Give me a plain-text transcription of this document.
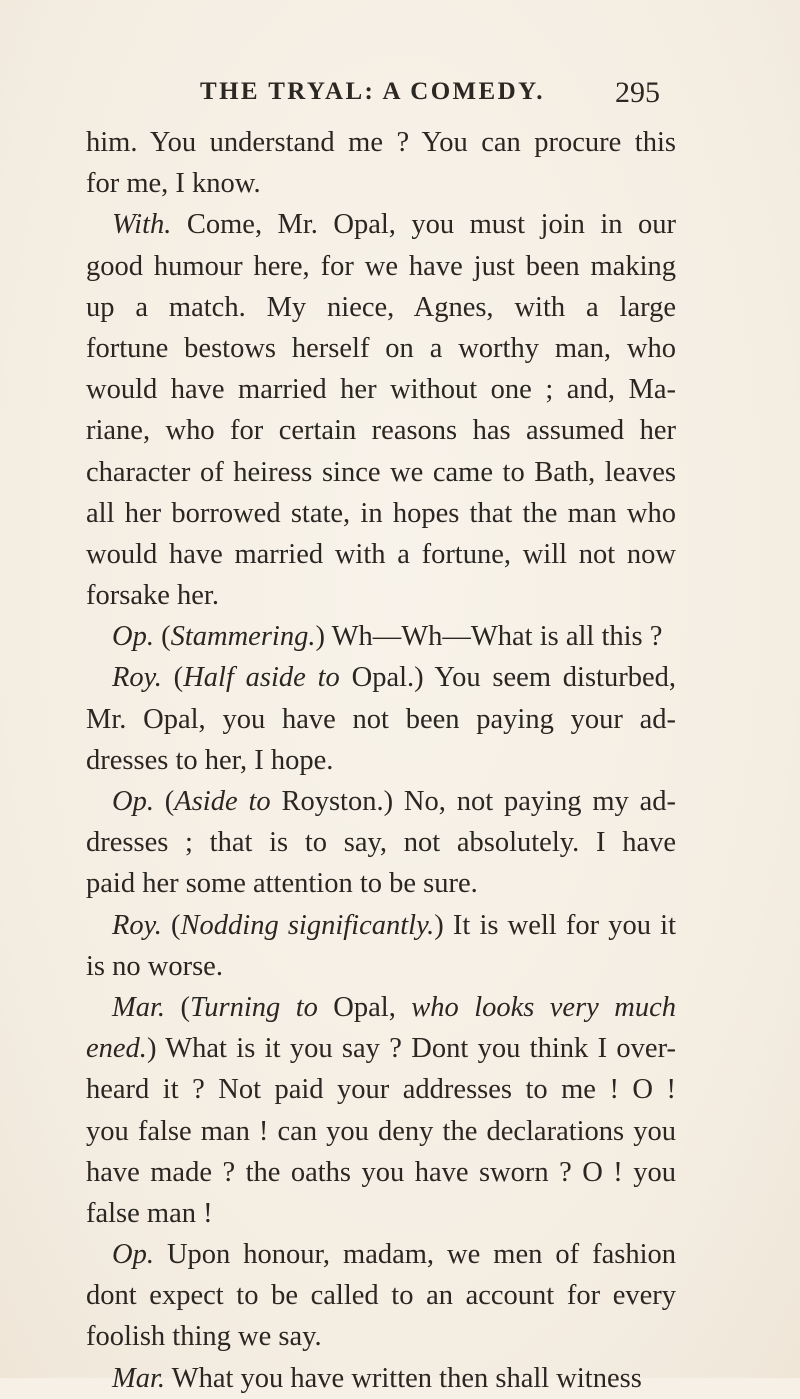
THE TRYAL: A COMEDY. 295
him. You understand me ? You can procure this
for me, I know.
With. Come, Mr. Opal, you must join in our
good humour here, for we have just been making
up a match. My niece, Agnes, with a large
fortune bestows herself on a worthy man, who
would have married her without one ; and, Ma-
riane, who for certain reasons has assumed her
character of heiress since we came to Bath, leaves
all her borrowed state, in hopes that the man who
would have married with a fortune, will not now
forsake her.
Op. (Stammering.) Wh—Wh—What is all this ?
Roy. (Half aside to Opal.) You seem disturbed,
Mr. Opal, you have not been paying your ad-
dresses to her, I hope.
Op. (Aside to Royston.) No, not paying my ad-
dresses ; that is to say, not absolutely. I have
paid her some attention to be sure.
Roy. (Nodding significantly.) It is well for you it
is no worse.
Mar. (Turning to Opal, who looks very much
ened.) What is it you say ? Dont you think I over-
heard it ? Not paid your addresses to me ! O !
you false man ! can you deny the declarations you
have made ? the oaths you have sworn ? O ! you
false man !
Op. Upon honour, madam, we men of fashion
dont expect to be called to an account for every
foolish thing we say.
Mar. What you have written then shall witness
